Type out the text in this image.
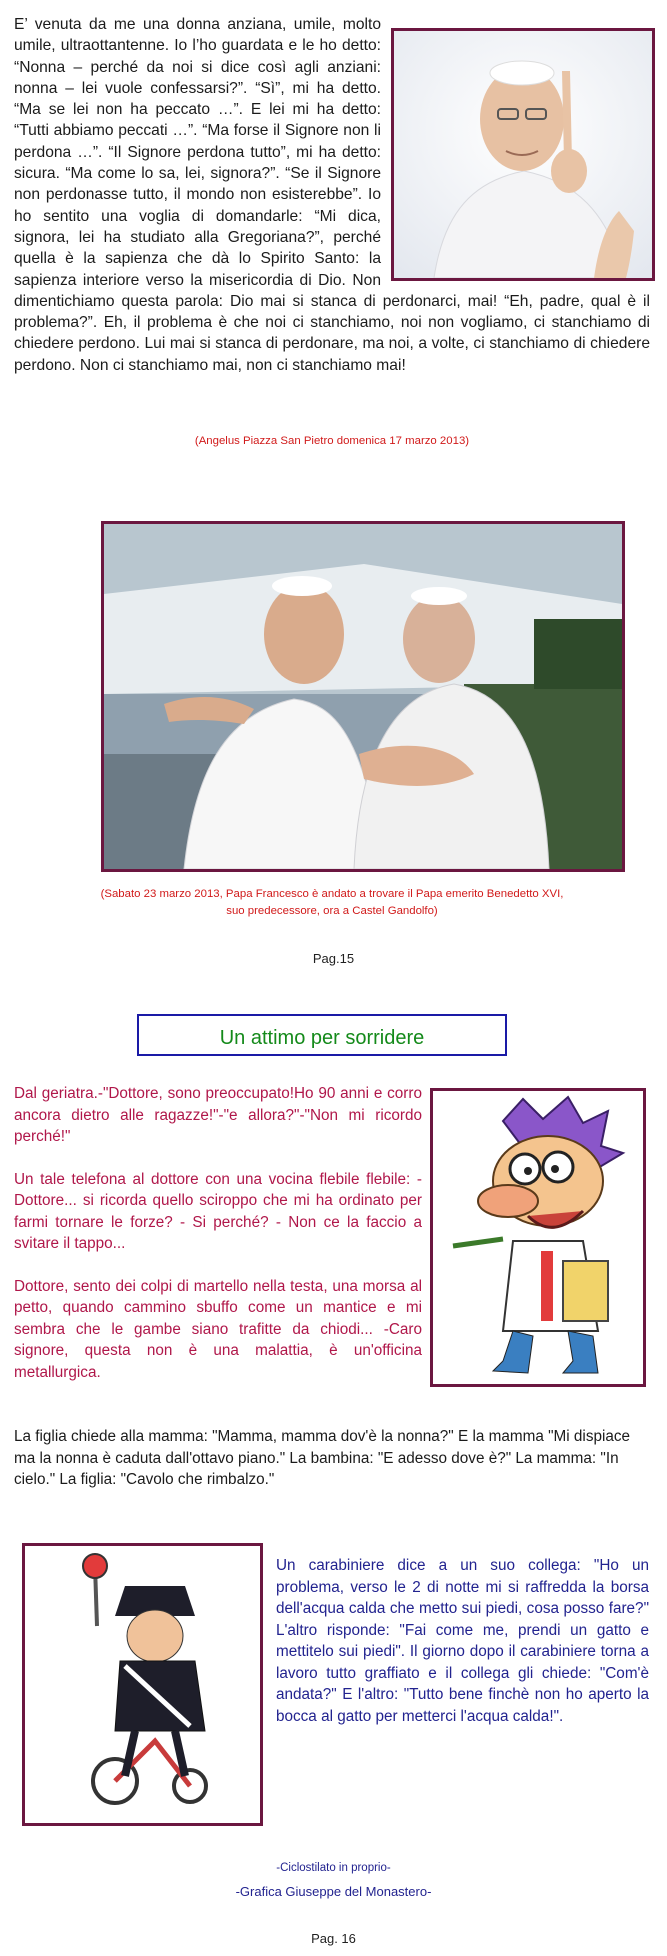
E’ venuta da me una donna anziana, umile, molto umile, ultraottantenne. Io l’ho guardata e le ho detto: “Nonna – perché da noi si dice così agli anziani: nonna – lei vuole confessarsi?”. “Sì”, mi ha detto. “Ma se lei non ha peccato …”. E lei mi ha detto: “Tutti abbiamo peccati …”. “Ma forse il Signore non li perdona …”. “Il Signore perdona tutto”, mi ha detto: sicura. “Ma come lo sa, lei, signora?”. “Se il Signore non perdonasse tutto, il mondo non esisterebbe”. Io ho sentito una voglia di domandarle: “Mi dica, signora, lei ha studiato alla Gregoriana?”, perché quella è la sapienza che dà lo Spirito Santo: la sapienza interiore verso la misericordia di Dio. Non dimentichiamo questa parola: Dio mai si stanca di perdonarci, mai! “Eh, padre, qual è il problema?”. Eh, il problema è che noi ci stanchiamo, noi non vogliamo, ci stanchiamo di chiedere perdono. Lui mai si stanca di perdonare, ma noi, a volte, ci stanchiamo di chiedere perdono. Non ci stanchiamo mai, non ci stanchiamo mai!

(Angelus Piazza San Pietro domenica 17 marzo 2013)
(Sabato 23 marzo 2013, Papa Francesco è andato a trovare il Papa emerito Benedetto XVI,
suo predecessore, ora a Castel Gandolfo)
Pag.15
Un attimo per sorridere

Dal geriatra.-"Dottore, sono preoccupato!Ho 90 anni e corro ancora dietro alle ragazze!"-"e allora?"-"Non mi ricordo perché!"

Un tale telefona al dottore con una vocina flebile flebile: - Dottore... si ricorda quello sciroppo che mi ha ordinato per farmi tornare le forze? - Si perché? - Non ce la faccio a svitare il tappo...

Dottore, sento dei colpi di martello nella testa, una morsa al petto, quando cammino sbuffo come un mantice e mi sembra che le gambe siano trafitte da chiodi... -Caro signore, questa non è una malattia, è un'officina metallurgica.

La figlia chiede alla mamma: "Mamma, mamma dov'è la nonna?" E la mamma "Mi dispiace ma la nonna è caduta dall'ottavo piano." La bambina: "E adesso dove è?" La mamma: "In cielo." La figlia: "Cavolo che rimbalzo."

Un carabiniere dice a un suo collega: "Ho un problema, verso le 2 di notte mi si raffredda la borsa dell'acqua calda che metto sui piedi, cosa posso fare?" L'altro risponde: "Fai come me, prendi un gatto e mettitelo sui piedi". Il giorno dopo il carabiniere torna a lavoro tutto graffiato e il collega gli chiede: "Com'è andata?" E l'altro: "Tutto bene finchè non ho aperto la bocca al gatto per metterci l'acqua calda!".

-Ciclostilato in proprio-
-Grafica Giuseppe del Monastero-
Pag. 16
